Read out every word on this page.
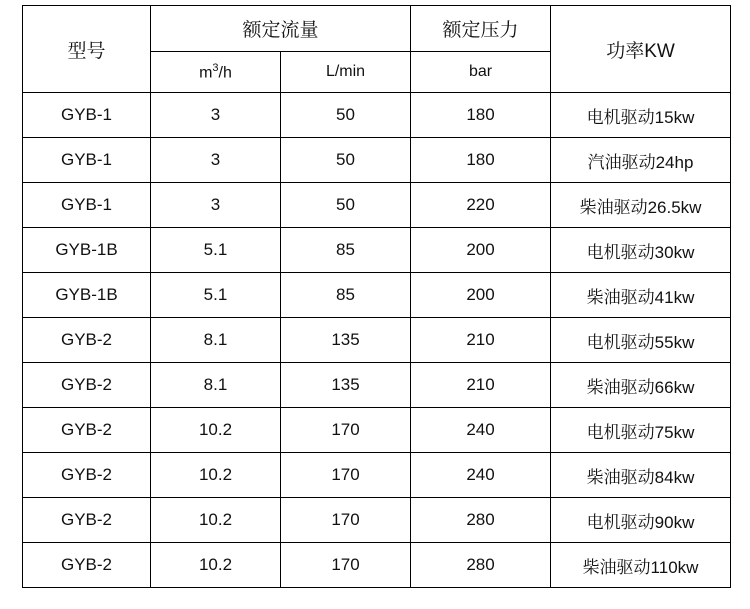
型号	额定流量		额定压力	功率KW
	$m^3/h$	L/min	bar	
GYB-1	3	50	180	电机驱动15kw
GYB-1	3	50	180	汽油驱动24hp
GYB-1	3	50	220	柴油驱动26.5kw
GYB-1B	5.1	85	200	电机驱动30kw
GYB-1B	5.1	85	200	柴油驱动41kw
GYB-2	8.1	135	210	电机驱动55kw
GYB-2	8.1	135	210	柴油驱动66kw
GYB-2	10.2	170	240	电机驱动75kw
GYB-2	10.2	170	240	柴油驱动84kw
GYB-2	10.2	170	280	电机驱动90kw
GYB-2	10.2	170	280	柴油驱动110kw
